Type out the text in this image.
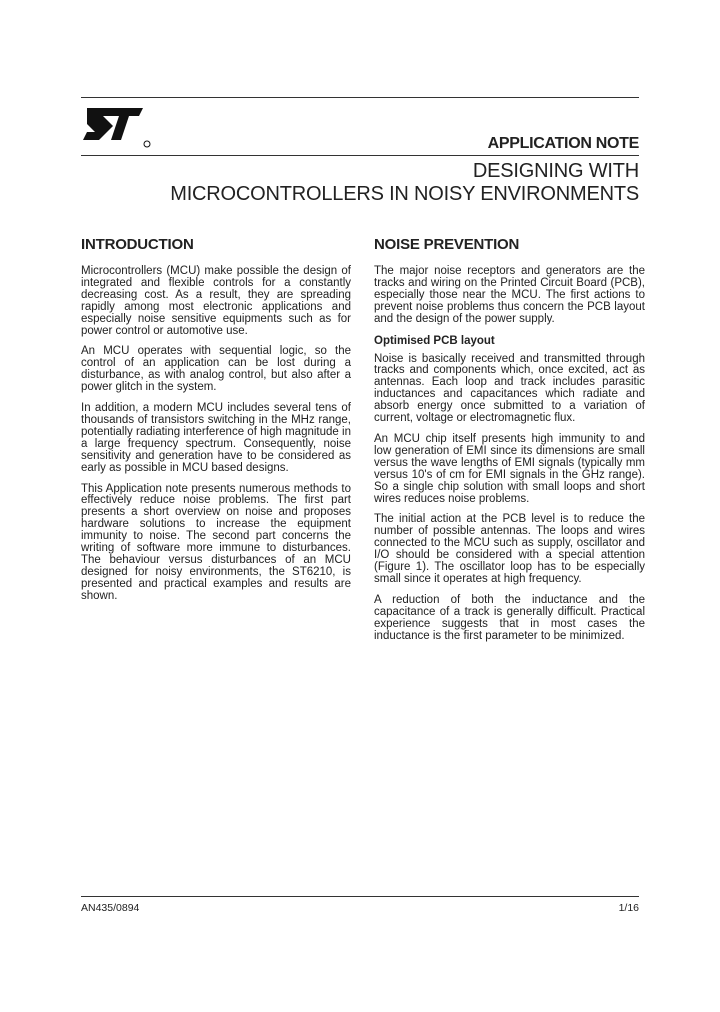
APPLICATION NOTE
DESIGNING WITH
MICROCONTROLLERS IN NOISY ENVIRONMENTS
INTRODUCTION

Microcontrollers (MCU) make possible the design of integrated and flexible controls for a constantly decreasing cost. As a result, they are spreading rapidly among most electronic applications and especially noise sensitive equipments such as for power control or automotive use.

An MCU operates with sequential logic, so the control of an application can be lost during a disturbance, as with analog control, but also after a power glitch in the system.

In addition, a modern MCU includes several tens of thousands of transistors switching in the MHz range, potentially radiating interference of high magnitude in a large frequency spectrum. Consequently, noise sensitivity and generation have to be considered as early as possible in MCU based designs.

This Application note presents numerous methods to effectively reduce noise problems. The first part presents a short overview on noise and proposes hardware solutions to increase the equipment immunity to noise. The second part concerns the writing of software more immune to disturbances. The behaviour versus disturbances of an MCU designed for noisy environments, the ST6210, is presented and practical examples and results are shown.

NOISE PREVENTION

The major noise receptors and generators are the tracks and wiring on the Printed Circuit Board (PCB), especially those near the MCU. The first actions to prevent noise problems thus concern the PCB layout and the design of the power supply.

Optimised PCB layout

Noise is basically received and transmitted through tracks and components which, once excited, act as antennas. Each loop and track includes parasitic inductances and capacitances which radiate and absorb energy once submitted to a variation of current, voltage or electromagnetic flux.

An MCU chip itself presents high immunity to and low generation of EMI since its dimensions are small versus the wave lengths of EMI signals (typically mm versus 10's of cm for EMI signals in the GHz range). So a single chip solution with small loops and short wires reduces noise problems.

The initial action at the PCB level is to reduce the number of possible antennas. The loops and wires connected to the MCU such as supply, oscillator and I/O should be considered with a special attention (Figure 1). The oscillator loop has to be especially small since it operates at high frequency.

A reduction of both the inductance and the capacitance of a track is generally difficult. Practical experience suggests that in most cases the inductance is the first parameter to be minimized.

AN435/0894	1/16
